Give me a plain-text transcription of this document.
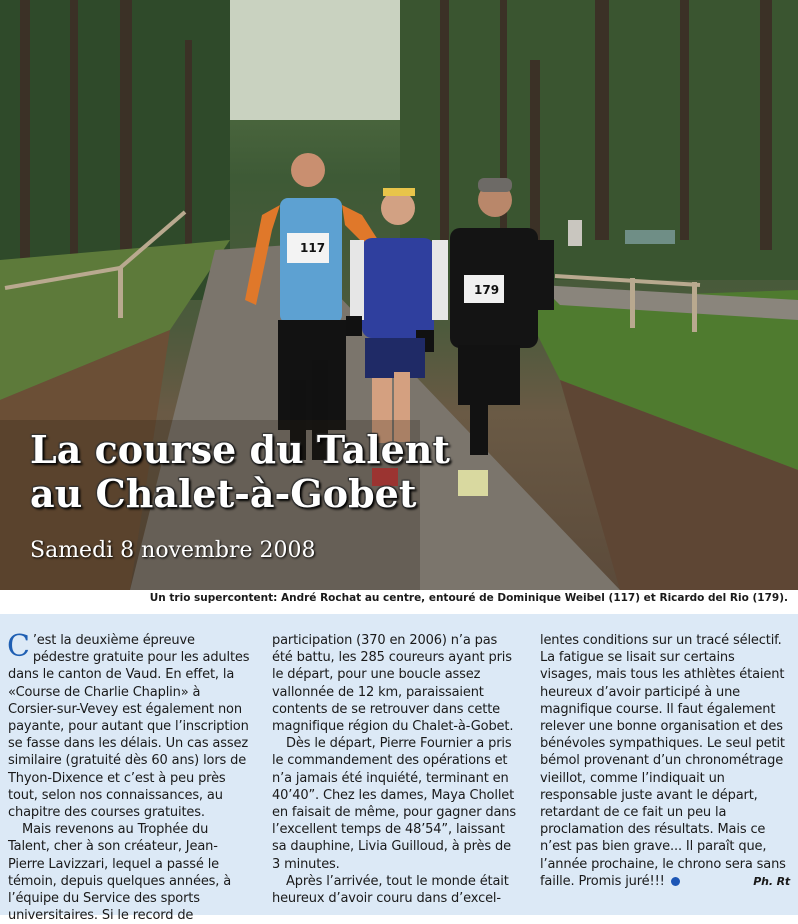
117
179
La course du Talent
au Chalet-à-Gobet
Samedi 8 novembre 2008
Un trio supercontent: André Rochat au centre, entouré de Dominique Weibel (117) et Ricardo del Rio (179).

C ’est la deuxième épreuve pédestre gratuite pour les adultes dans le canton de Vaud. En effet, la «Course de Charlie Chaplin» à Corsier-sur-Vevey est également non payante, pour autant que l’inscription se fasse dans les délais. Un cas assez similaire (gratuité dès 60 ans) lors de Thyon-Dixence et c’est à peu près tout, selon nos connaissances, au chapitre des courses gratuites.

Mais revenons au Trophée du Talent, cher à son créateur, Jean-Pierre Lavizzari, lequel a passé le témoin, depuis quelques années, à l’équipe du Service des sports universitaires. Si le record de

participation (370 en 2006) n’a pas été battu, les 285 coureurs ayant pris le départ, pour une boucle assez vallonnée de 12 km, paraissaient contents de se retrouver dans cette magnifique région du Chalet-à-Gobet.

Dès le départ, Pierre Fournier a pris le commandement des opérations et n’a jamais été inquiété, terminant en 40’40”. Chez les dames, Maya Chollet en faisait de même, pour gagner dans l’excellent temps de 48’54”, laissant sa dauphine, Livia Guilloud, à près de 3 minutes.

Après l’arrivée, tout le monde était heureux d’avoir couru dans d’excel-

lentes conditions sur un tracé sélectif. La fatigue se lisait sur certains visages, mais tous les athlètes étaient heureux d’avoir participé à une magnifique course. Il faut également relever une bonne organisation et des bénévoles sympathiques. Le seul petit bémol provenant d’un chronométrage vieillot, comme l’indiquait un responsable juste avant le départ, retardant de ce fait un peu la proclamation des résultats. Mais ce n’est pas bien grave... Il paraît que, l’année prochaine, le chrono sera sans faille. Promis juré!!!	Ph. Rt
